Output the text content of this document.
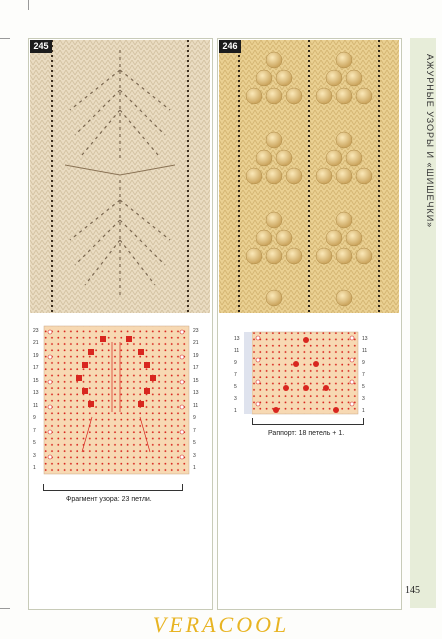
245	246
23	23
21	21
19	19
17	17
15	15
13	13
11	11
9	9
7	7
5	5
3	3
1	1
Фрагмент узора: 23 петли.
13	13
11	11
9	9
7	7
5	5
3	3
1	1
Раппорт: 18 петель + 1.
АЖУРНЫЕ УЗОРЫ И «ШИШЕЧКИ»
145
VERACOOL
